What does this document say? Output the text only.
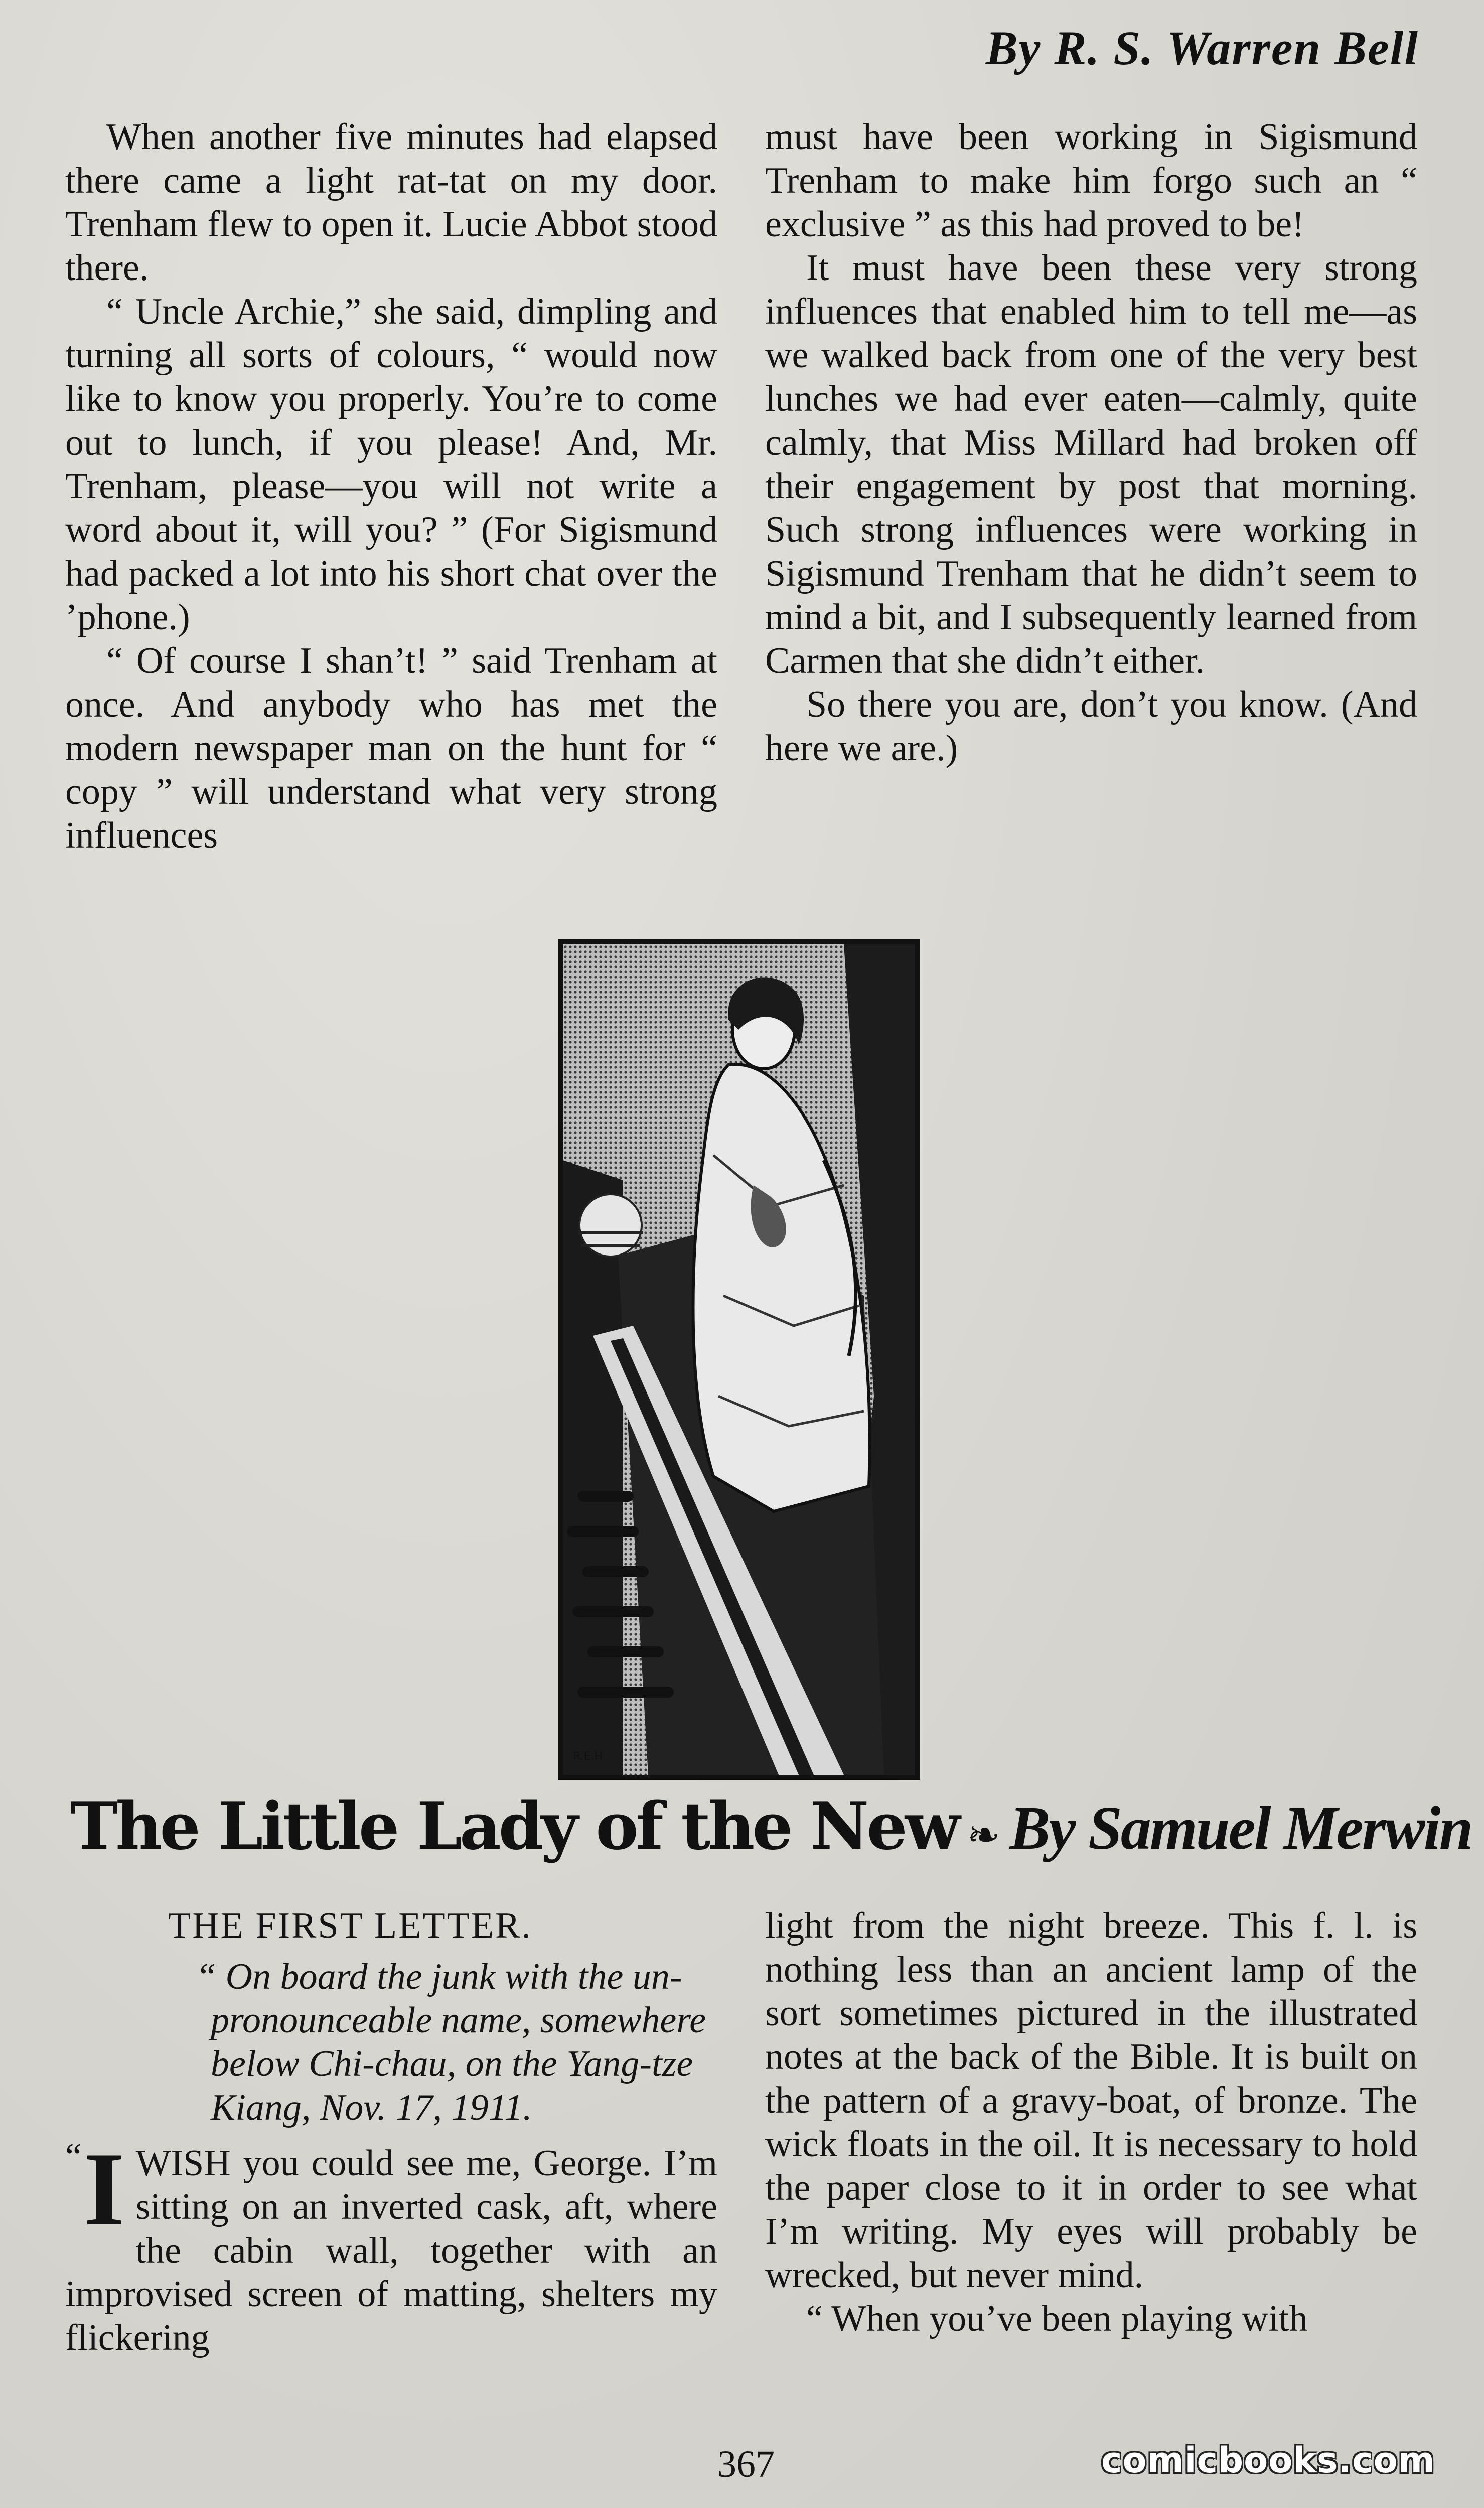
By R. S. Warren Bell

When another five minutes had elapsed there came a light rat-tat on my door. Trenham flew to open it. Lucie Abbot stood there.

“ Uncle Archie,” she said, dimpling and turning all sorts of colours, “ would now like to know you properly. You’re to come out to lunch, if you please! And, Mr. Trenham, please—you will not write a word about it, will you? ” (For Sigismund had packed a lot into his short chat over the ’phone.)

“ Of course I shan’t! ” said Trenham at once. And anybody who has met the modern newspaper man on the hunt for “ copy ” will understand what very strong influences

must have been working in Sigismund Trenham to make him forgo such an “ exclusive ” as this had proved to be!

It must have been these very strong influences that enabled him to tell me—as we walked back from one of the very best lunches we had ever eaten—calmly, quite calmly, that Miss Millard had broken off their engagement by post that morning. Such strong influences were working in Sigismund Trenham that he didn’t seem to mind a bit, and I subsequently learned from Carmen that she didn’t either.

So there you are, don’t you know. (And here we are.)

R.E.H
The Little Lady of the New ❧ By Samuel Merwin

THE FIRST LETTER.

“ On board the junk with the unpronounceable name, somewhere below Chi-chau, on the Yang-tze Kiang, Nov. 17, 1911.

“ I WISH you could see me, George. I’m sitting on an inverted cask, aft, where the cabin wall, together with an improvised screen of matting, shelters my flickering

light from the night breeze. This f. l. is nothing less than an ancient lamp of the sort sometimes pictured in the illustrated notes at the back of the Bible. It is built on the pattern of a gravy-boat, of bronze. The wick floats in the oil. It is necessary to hold the paper close to it in order to see what I’m writing. My eyes will probably be wrecked, but never mind.

“ When you’ve been playing with

367	comicbooks.com
